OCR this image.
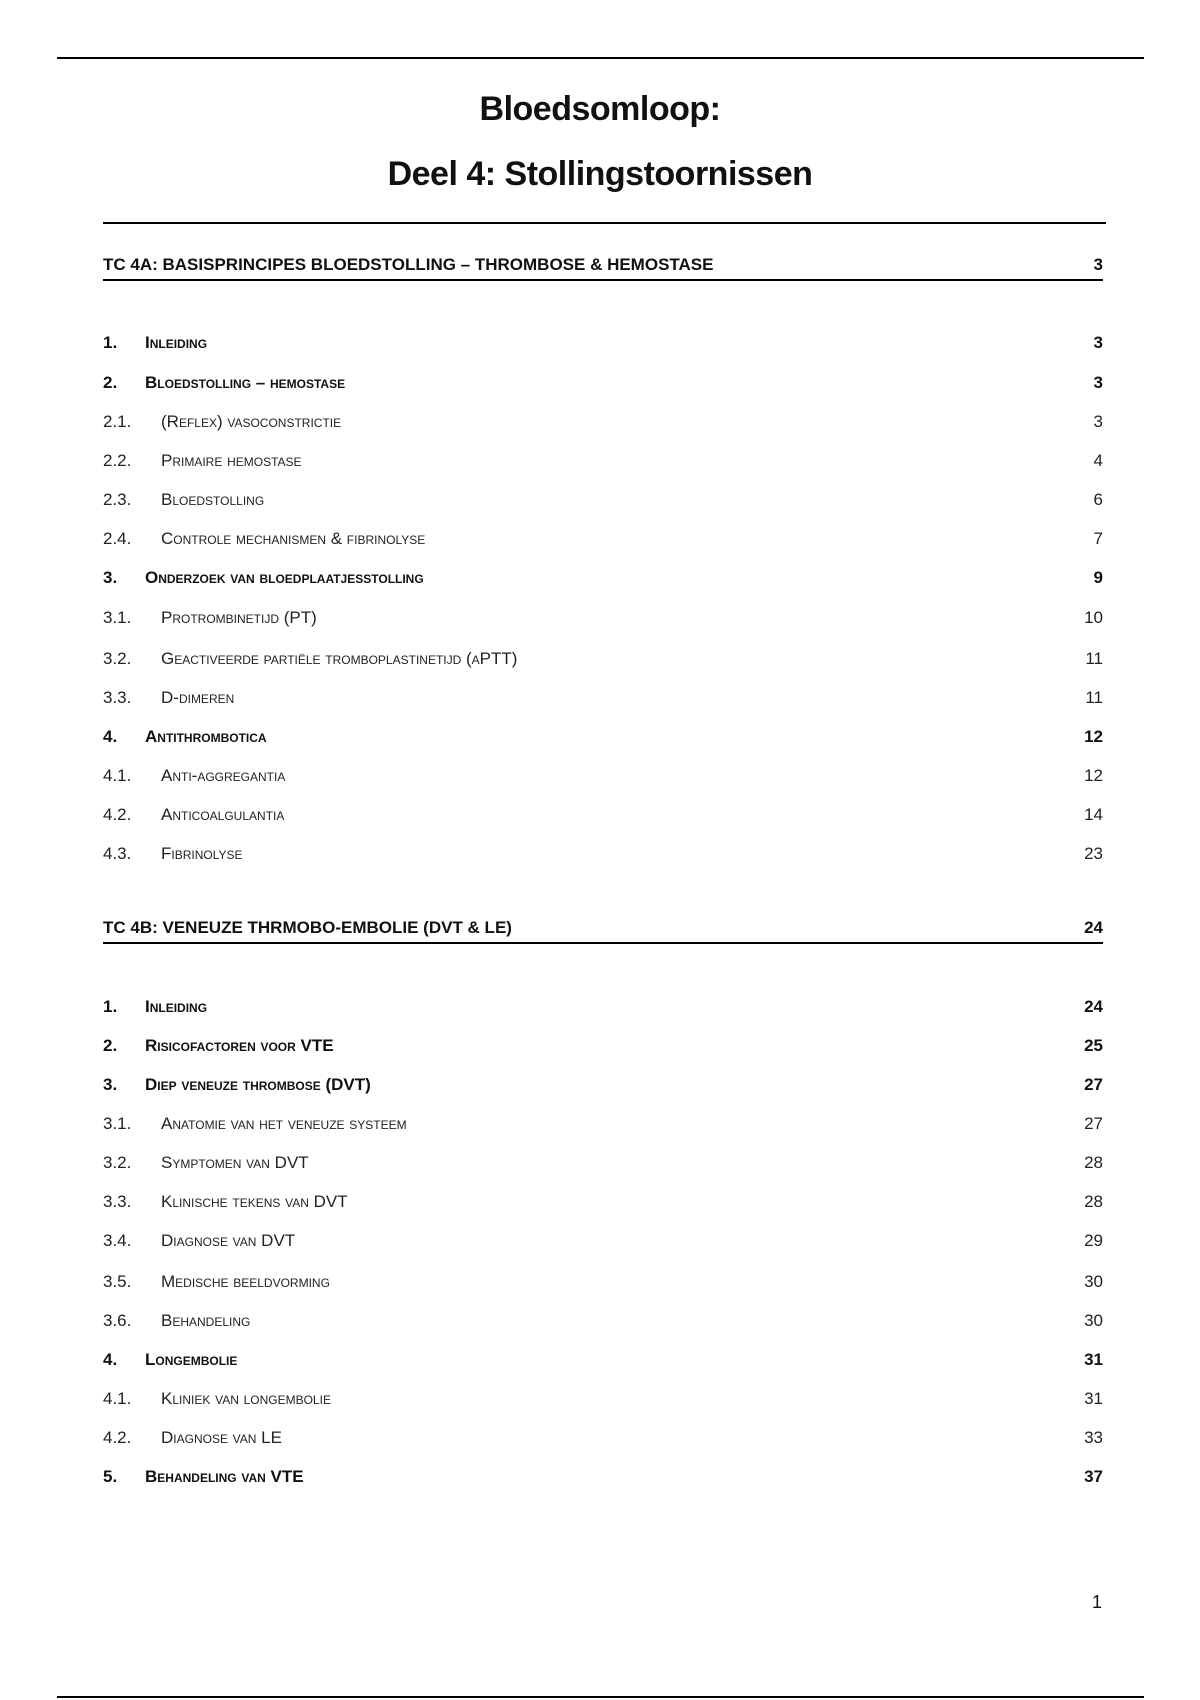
Bloedsomloop:
Deel 4: Stollingstoornissen
TC 4A: BASISPRINCIPES BLOEDSTOLLING – THROMBOSE & HEMOSTASE	3
1. Inleiding	3
2. Bloedstolling – hemostase	3
2.1. (Reflex) vasoconstrictie	3
2.2. Primaire hemostase	4
2.3. Bloedstolling	6
2.4. Controle mechanismen & fibrinolyse	7
3. Onderzoek van bloedplaatjesstolling	9
3.1. Protrombinetijd (PT)	10
3.2. Geactiveerde partiële tromboplastinetijd (aPTT)	11
3.3. D-dimeren	11
4. Antithrombotica	12
4.1. Anti-aggregantia	12
4.2. Anticoalgulantia	14
4.3. Fibrinolyse	23
TC 4B: VENEUZE THRMOBO-EMBOLIE (DVT & LE)	24
1. Inleiding	24
2. Risicofactoren voor VTE	25
3. Diep veneuze thrombose (DVT)	27
3.1. Anatomie van het veneuze systeem	27
3.2. Symptomen van DVT	28
3.3. Klinische tekens van DVT	28
3.4. Diagnose van DVT	29
3.5. Medische beeldvorming	30
3.6. Behandeling	30
4. Longembolie	31
4.1. Kliniek van longembolie	31
4.2. Diagnose van LE	33
5. Behandeling van VTE	37
1
